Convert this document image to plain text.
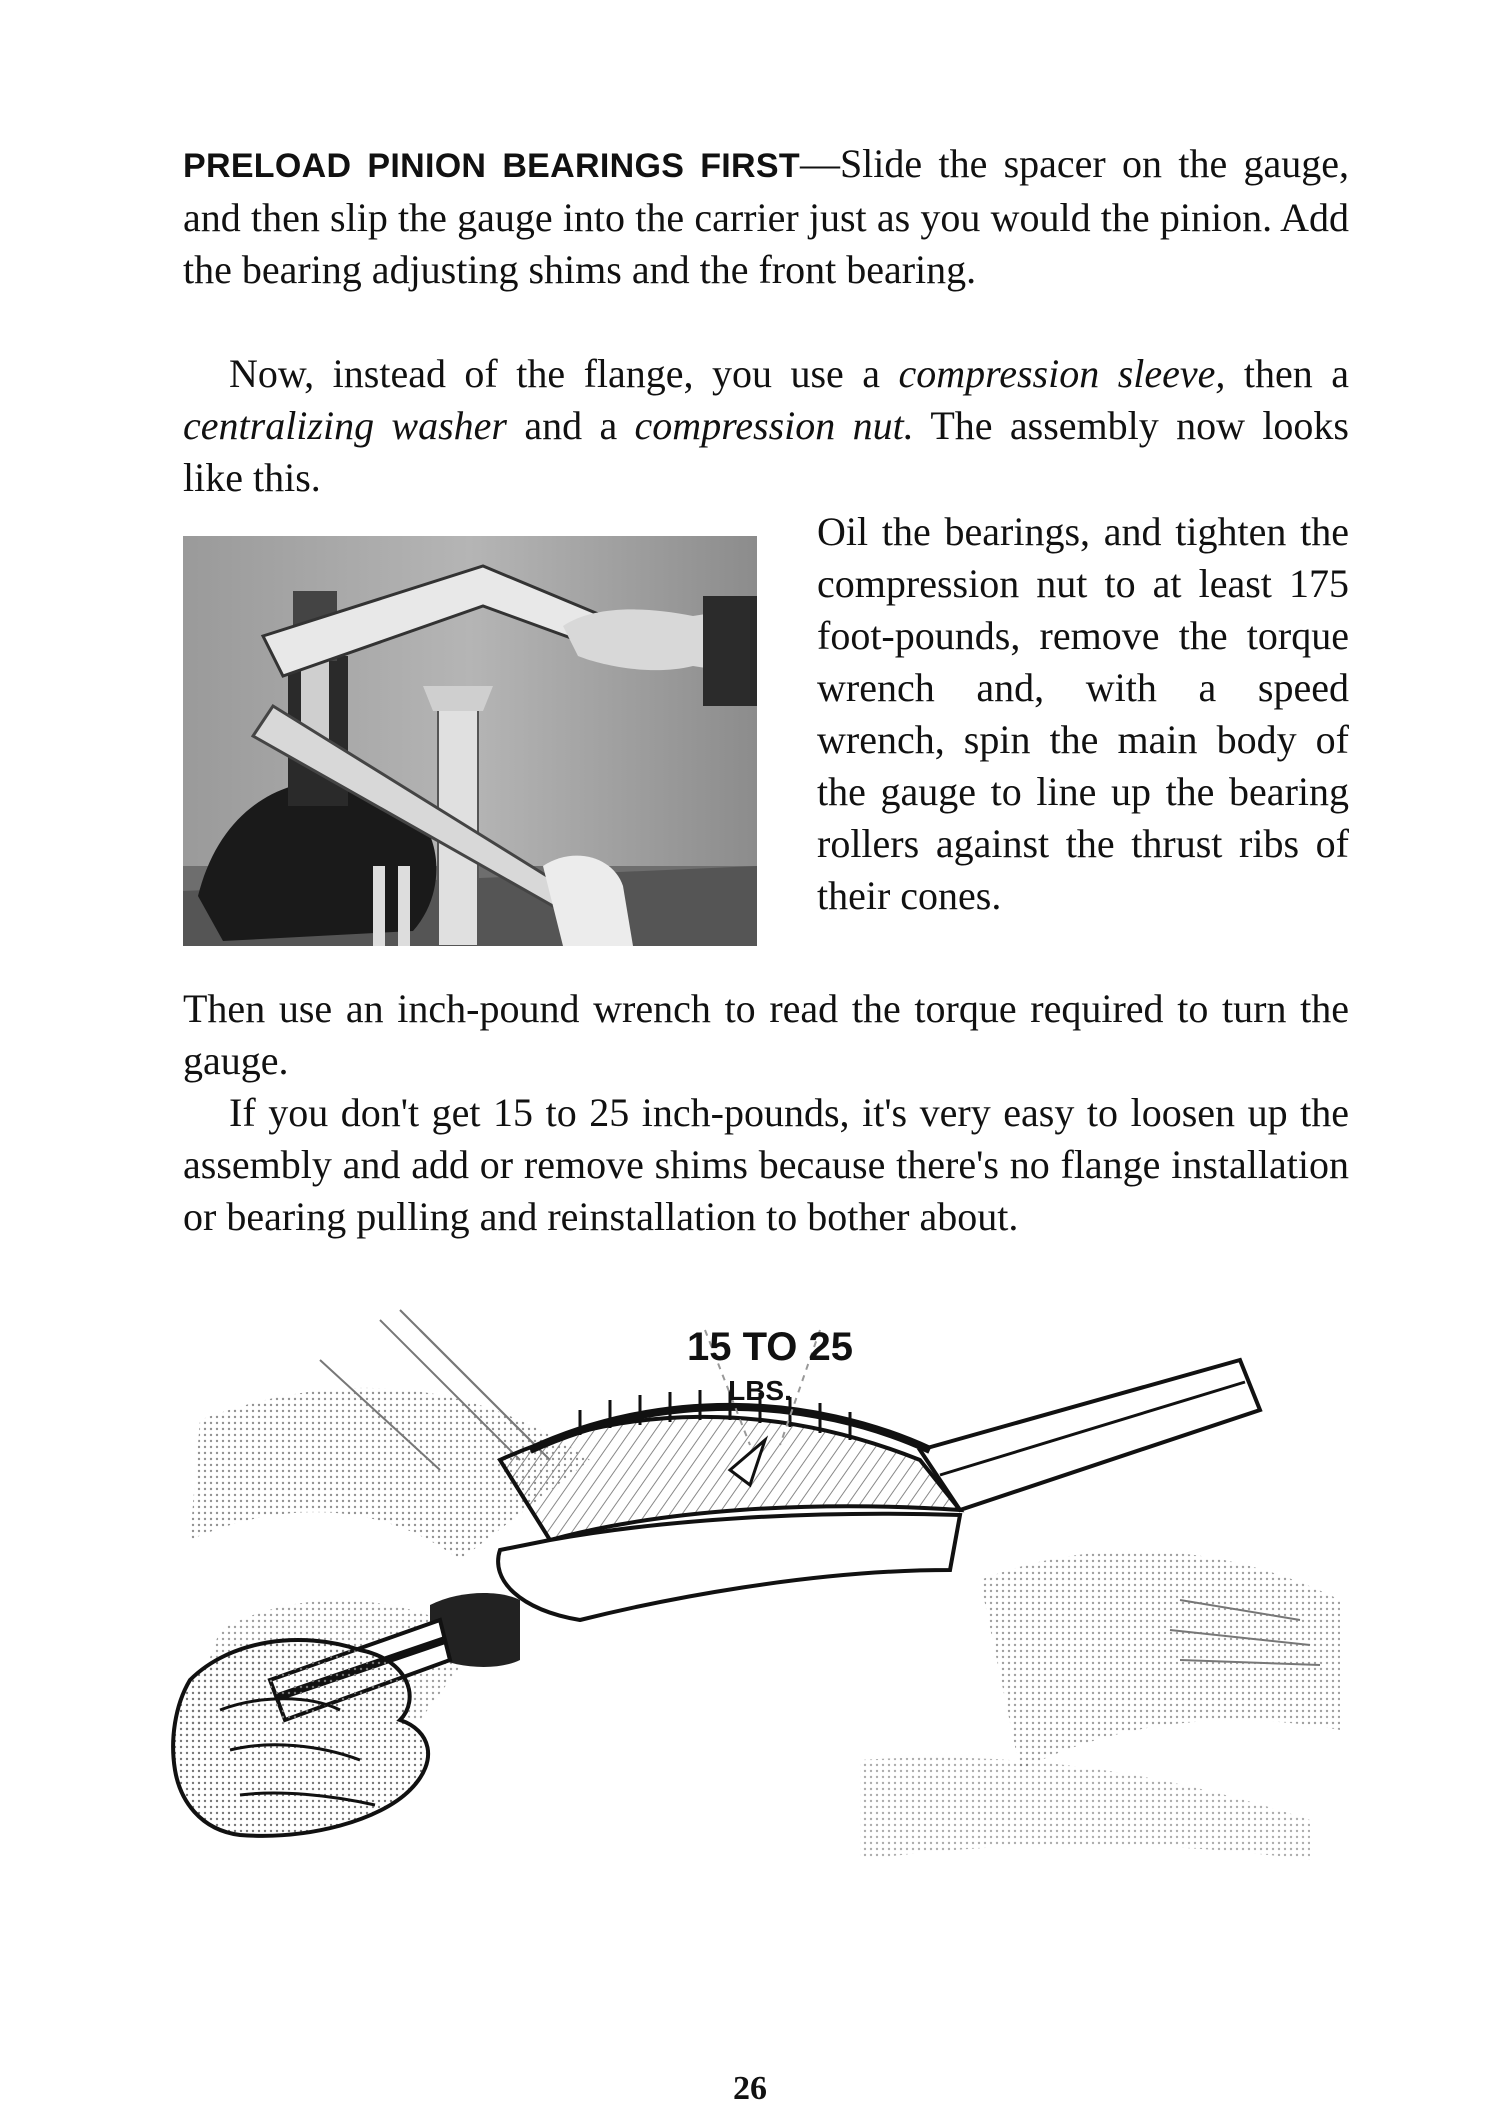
PRELOAD PINION BEARINGS FIRST—Slide the spacer on the gauge, and then slip the gauge into the carrier just as you would the pinion. Add the bearing adjusting shims and the front bearing.
Now, instead of the flange, you use a compression sleeve, then a centralizing washer and a compression nut. The assembly now looks like this.
Oil the bearings, and tighten the compression nut to at least 175 foot-pounds, remove the torque wrench and, with a speed wrench, spin the main body of the gauge to line up the bearing rollers against the thrust ribs of their cones.
Then use an inch-pound wrench to read the torque required to turn the gauge.
If you don't get 15 to 25 inch-pounds, it's very easy to loosen up the assembly and add or remove shims because there's no flange installation or bearing pulling and reinstallation to bother about.
15 TO 25
LBS.
26
